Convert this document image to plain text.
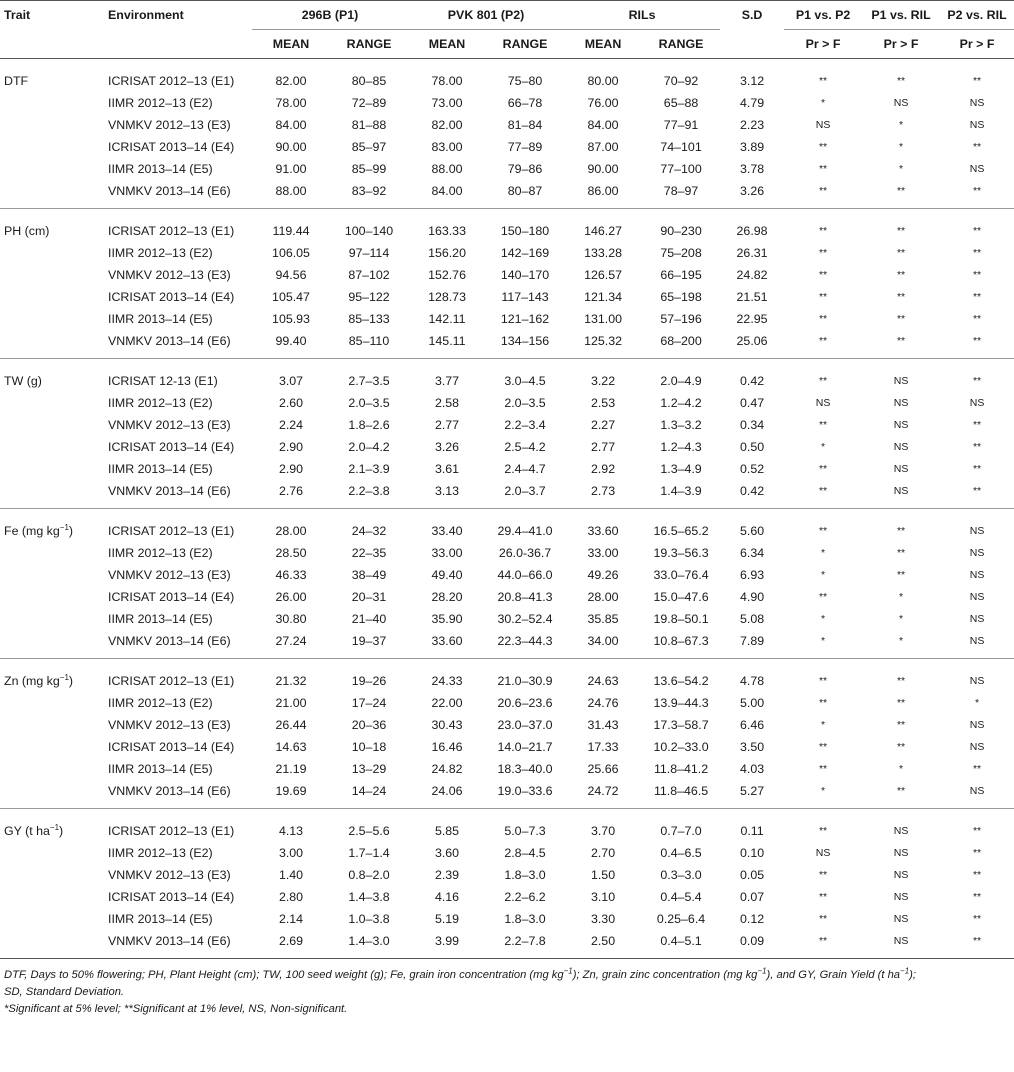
Trait	Environment	296B (P1)		PVK 801 (P2)		RILs		S.D	P1 vs. P2	P1 vs. RIL	P2 vs. RIL
		MEAN	RANGE	MEAN	RANGE	MEAN	RANGE		Pr > F	Pr > F	Pr > F
DTF	ICRISAT 2012–13 (E1)	82.00	80–85	78.00	75–80	80.00	70–92	3.12	**	**	**
	IIMR 2012–13 (E2)	78.00	72–89	73.00	66–78	76.00	65–88	4.79	*	NS	NS
	VNMKV 2012–13 (E3)	84.00	81–88	82.00	81–84	84.00	77–91	2.23	NS	*	NS
	ICRISAT 2013–14 (E4)	90.00	85–97	83.00	77–89	87.00	74–101	3.89	**	*	**
	IIMR 2013–14 (E5)	91.00	85–99	88.00	79–86	90.00	77–100	3.78	**	*	NS
	VNMKV 2013–14 (E6)	88.00	83–92	84.00	80–87	86.00	78–97	3.26	**	**	**
PH (cm)	ICRISAT 2012–13 (E1)	119.44	100–140	163.33	150–180	146.27	90–230	26.98	**	**	**
	IIMR 2012–13 (E2)	106.05	97–114	156.20	142–169	133.28	75–208	26.31	**	**	**
	VNMKV 2012–13 (E3)	94.56	87–102	152.76	140–170	126.57	66–195	24.82	**	**	**
	ICRISAT 2013–14 (E4)	105.47	95–122	128.73	117–143	121.34	65–198	21.51	**	**	**
	IIMR 2013–14 (E5)	105.93	85–133	142.11	121–162	131.00	57–196	22.95	**	**	**
	VNMKV 2013–14 (E6)	99.40	85–110	145.11	134–156	125.32	68–200	25.06	**	**	**
TW (g)	ICRISAT 12-13 (E1)	3.07	2.7–3.5	3.77	3.0–4.5	3.22	2.0–4.9	0.42	**	NS	**
	IIMR 2012–13 (E2)	2.60	2.0–3.5	2.58	2.0–3.5	2.53	1.2–4.2	0.47	NS	NS	NS
	VNMKV 2012–13 (E3)	2.24	1.8–2.6	2.77	2.2–3.4	2.27	1.3–3.2	0.34	**	NS	**
	ICRISAT 2013–14 (E4)	2.90	2.0–4.2	3.26	2.5–4.2	2.77	1.2–4.3	0.50	*	NS	**
	IIMR 2013–14 (E5)	2.90	2.1–3.9	3.61	2.4–4.7	2.92	1.3–4.9	0.52	**	NS	**
	VNMKV 2013–14 (E6)	2.76	2.2–3.8	3.13	2.0–3.7	2.73	1.4–3.9	0.42	**	NS	**
Fe (mg $kg^{-1}$)	ICRISAT 2012–13 (E1)	28.00	24–32	33.40	29.4–41.0	33.60	16.5–65.2	5.60	**	**	NS
	IIMR 2012–13 (E2)	28.50	22–35	33.00	26.0-36.7	33.00	19.3–56.3	6.34	*	**	NS
	VNMKV 2012–13 (E3)	46.33	38–49	49.40	44.0–66.0	49.26	33.0–76.4	6.93	*	**	NS
	ICRISAT 2013–14 (E4)	26.00	20–31	28.20	20.8–41.3	28.00	15.0–47.6	4.90	**	*	NS
	IIMR 2013–14 (E5)	30.80	21–40	35.90	30.2–52.4	35.85	19.8–50.1	5.08	*	*	NS
	VNMKV 2013–14 (E6)	27.24	19–37	33.60	22.3–44.3	34.00	10.8–67.3	7.89	*	*	NS
Zn (mg $kg^{-1}$)	ICRISAT 2012–13 (E1)	21.32	19–26	24.33	21.0–30.9	24.63	13.6–54.2	4.78	**	**	NS
	IIMR 2012–13 (E2)	21.00	17–24	22.00	20.6–23.6	24.76	13.9–44.3	5.00	**	**	*
	VNMKV 2012–13 (E3)	26.44	20–36	30.43	23.0–37.0	31.43	17.3–58.7	6.46	*	**	NS
	ICRISAT 2013–14 (E4)	14.63	10–18	16.46	14.0–21.7	17.33	10.2–33.0	3.50	**	**	NS
	IIMR 2013–14 (E5)	21.19	13–29	24.82	18.3–40.0	25.66	11.8–41.2	4.03	**	*	**
	VNMKV 2013–14 (E6)	19.69	14–24	24.06	19.0–33.6	24.72	11.8–46.5	5.27	*	**	NS
GY (t $ha^{-1}$)	ICRISAT 2012–13 (E1)	4.13	2.5–5.6	5.85	5.0–7.3	3.70	0.7–7.0	0.11	**	NS	**
	IIMR 2012–13 (E2)	3.00	1.7–1.4	3.60	2.8–4.5	2.70	0.4–6.5	0.10	NS	NS	**
	VNMKV 2012–13 (E3)	1.40	0.8–2.0	2.39	1.8–3.0	1.50	0.3–3.0	0.05	**	NS	**
	ICRISAT 2013–14 (E4)	2.80	1.4–3.8	4.16	2.2–6.2	3.10	0.4–5.4	0.07	**	NS	**
	IIMR 2013–14 (E5)	2.14	1.0–3.8	5.19	1.8–3.0	3.30	0.25–6.4	0.12	**	NS	**
	VNMKV 2013–14 (E6)	2.69	1.4–3.0	3.99	2.2–7.8	2.50	0.4–5.1	0.09	**	NS	**

DTF, Days to 50% flowering; PH, Plant Height (cm); TW, 100 seed weight (g); Fe, grain iron concentration (mg $kg^{-1}$); Zn, grain zinc concentration (mg $kg^{-1}$), and GY, Grain Yield (t $ha^{-1}$);

SD, Standard Deviation.

*Significant at 5% level; **Significant at 1% level, NS, Non-significant.
